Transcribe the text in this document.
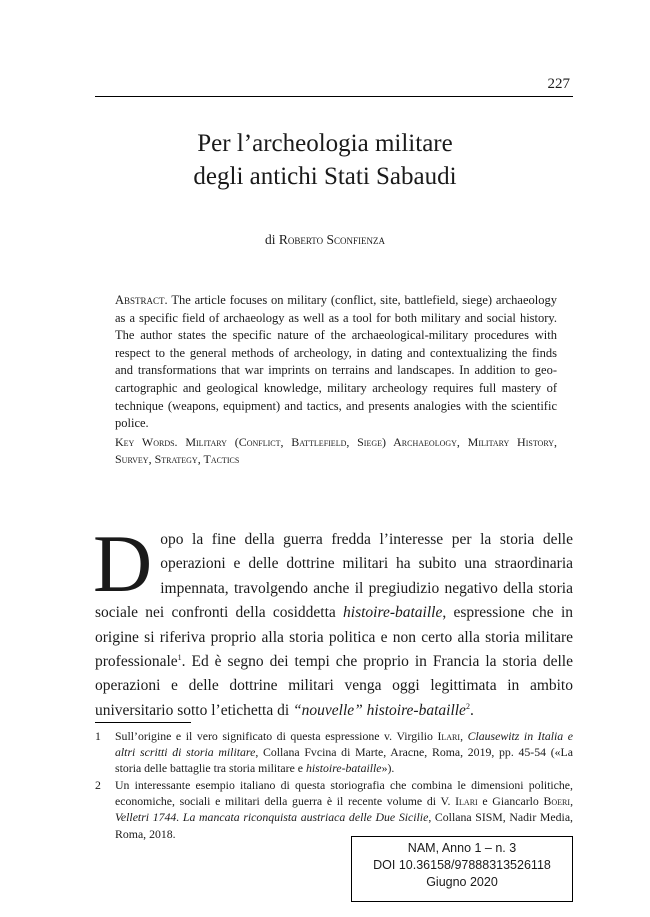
227
Per l’archeologia militare
degli antichi Stati Sabaudi
di Roberto Sconfienza
Abstract. The article focuses on military (conflict, site, battlefield, siege) archaeology as a specific field of archaeology as well as a tool for both military and social history. The author states the specific nature of the archaeological-military procedures with respect to the general methods of archeology, in dating and contextualizing the finds and transformations that war imprints on terrains and landscapes. In addition to geo-cartographic and geological knowledge, military archeology requires full mastery of technique (weapons, equipment) and tactics, and presents analogies with the scientific police.
Key Words. Military (Conflict, Battlefield, Siege) Archaeology, Military History, Survey, Strategy, Tactics
Dopo la fine della guerra fredda l’interesse per la storia delle operazioni e delle dottrine militari ha subito una straordinaria impennata, travolgendo anche il pregiudizio negativo della storia sociale nei confronti della cosiddetta histoire-bataille, espressione che in origine si riferiva proprio alla storia politica e non certo alla storia militare professionale$^1$. Ed è segno dei tempi che proprio in Francia la storia delle operazioni e delle dottrine militari venga oggi legittimata in ambito universitario sotto l’etichetta di “nouvelle” histoire-bataille$^2$.
1	Sull’origine e il vero significato di questa espressione v. Virgilio Ilari, Clausewitz in Italia e altri scritti di storia militare, Collana Fvcina di Marte, Aracne, Roma, 2019, pp. 45-54 («La storia delle battaglie tra storia militare e histoire-bataille»).
2	Un interessante esempio italiano di questa storiografia che combina le dimensioni politiche, economiche, sociali e militari della guerra è il recente volume di V. Ilari e Giancarlo Boeri, Velletri 1744. La mancata riconquista austriaca delle Due Sicilie, Collana SISM, Nadir Media, Roma, 2018.
NAM, Anno 1 – n. 3
DOI 10.36158/97888313526118
Giugno 2020
